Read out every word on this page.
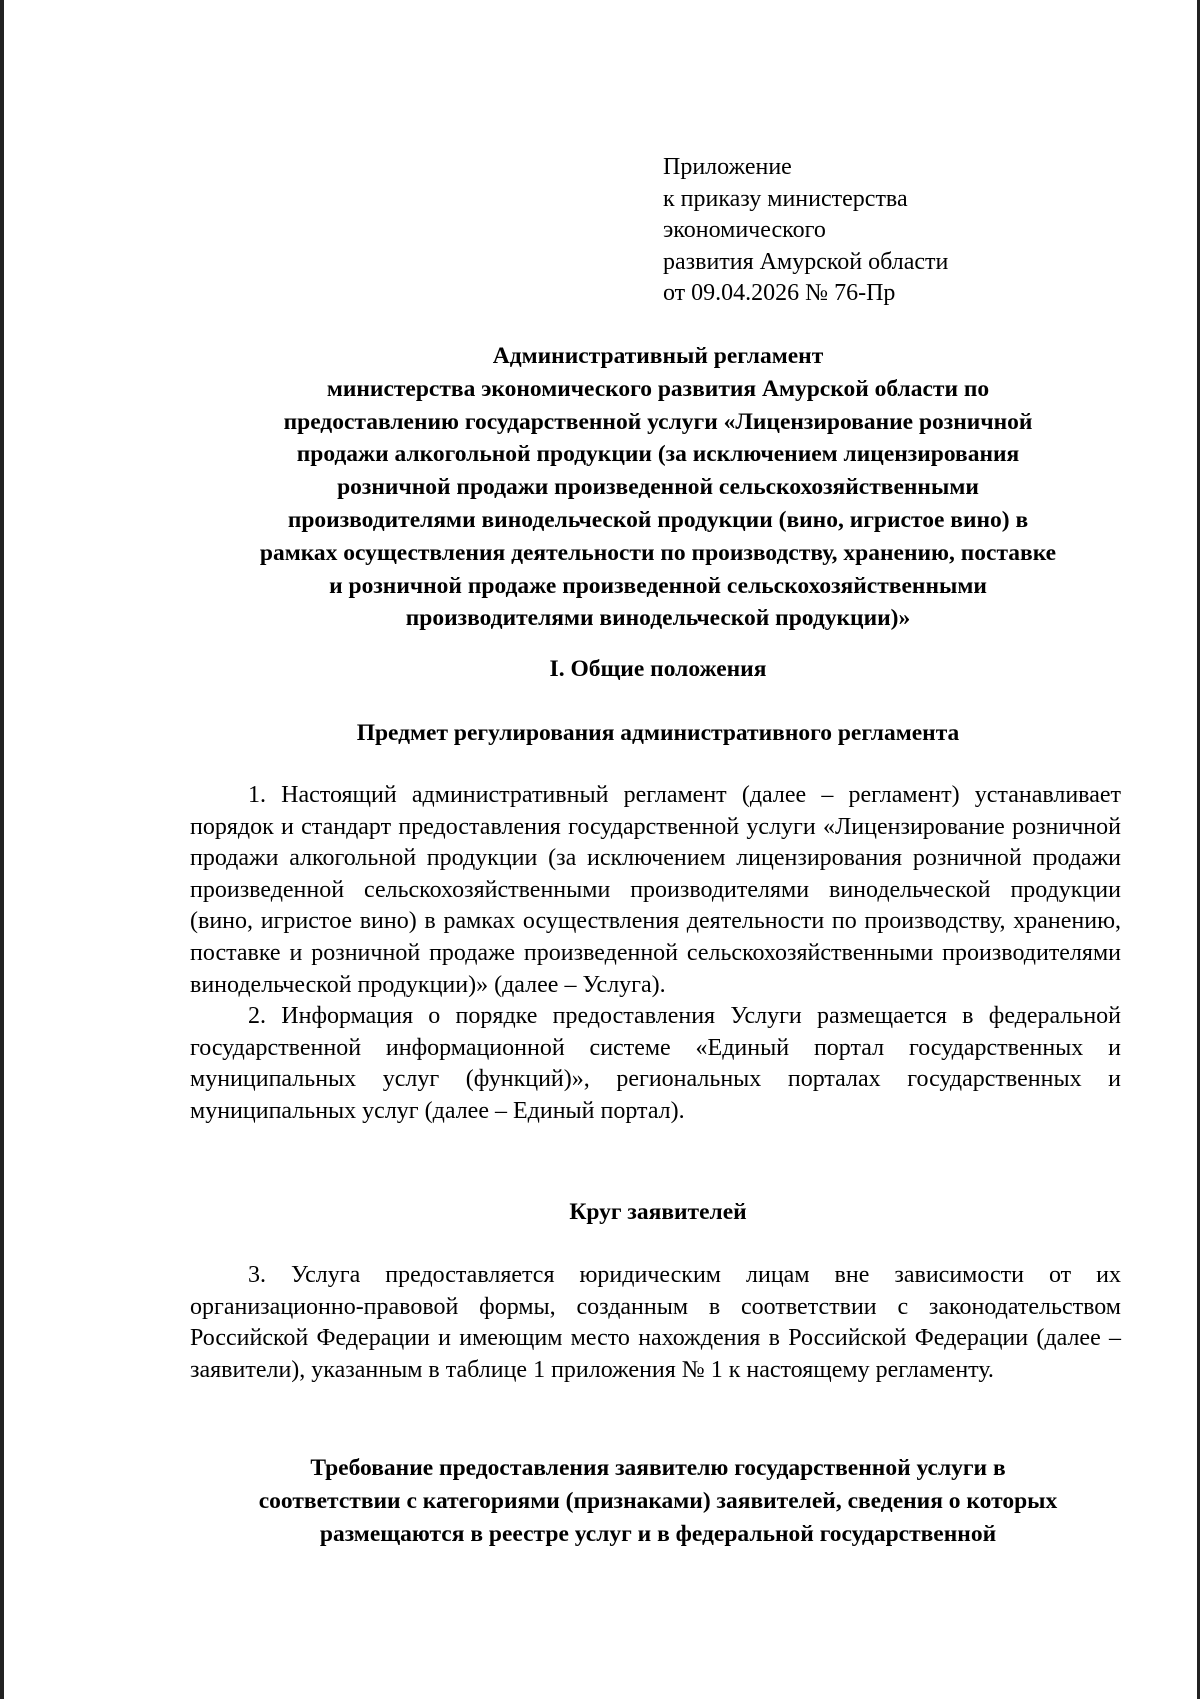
Приложение
к приказу министерства
экономического
развития Амурской области
от 09.04.2026 № 76-Пр
Административный регламент
министерства экономического развития Амурской области по
предоставлению государственной услуги «Лицензирование розничной
продажи алкогольной продукции (за исключением лицензирования
розничной продажи произведенной сельскохозяйственными
производителями винодельческой продукции (вино, игристое вино) в
рамках осуществления деятельности по производству, хранению, поставке
и розничной продаже произведенной сельскохозяйственными
производителями винодельческой продукции)»
I. Общие положения
Предмет регулирования административного регламента

1. Настоящий административный регламент (далее – регламент) устанавливает порядок и стандарт предоставления государственной услуги «Лицензирование розничной продажи алкогольной продукции (за исключением лицензирования розничной продажи произведенной сельскохозяйственными производителями винодельческой продукции (вино, игристое вино) в рамках осуществления деятельности по производству, хранению, поставке и розничной продаже произведенной сельскохозяйственными производителями винодельческой продукции)» (далее – Услуга).

2. Информация о порядке предоставления Услуги размещается в федеральной государственной информационной системе «Единый портал государственных и муниципальных услуг (функций)», региональных порталах государственных и муниципальных услуг (далее – Единый портал).

Круг заявителей

3. Услуга предоставляется юридическим лицам вне зависимости от их организационно-правовой формы, созданным в соответствии с законодательством Российской Федерации и имеющим место нахождения в Российской Федерации (далее – заявители), указанным в таблице 1 приложения № 1 к настоящему регламенту.

Требование предоставления заявителю государственной услуги в
соответствии с категориями (признаками) заявителей, сведения о которых
размещаются в реестре услуг и в федеральной государственной
